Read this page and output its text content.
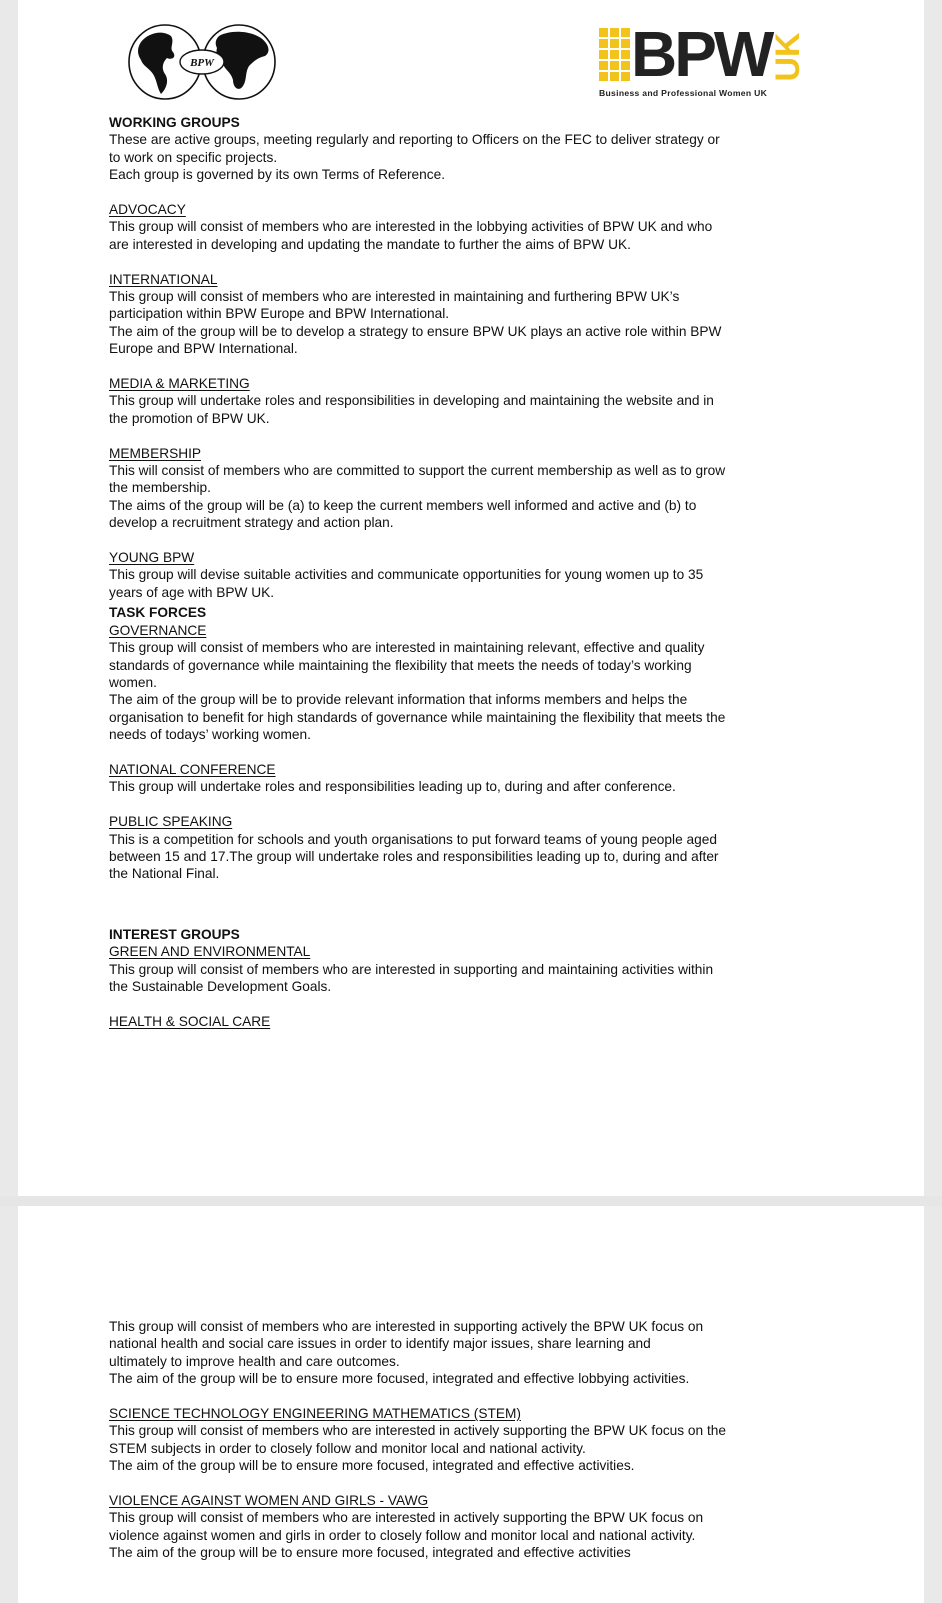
BPW	BPW
UK
Business and Professional Women UK

WORKING GROUPS

These are active groups, meeting regularly and reporting to Officers on the FEC to deliver strategy or

to work on specific projects.

Each group is governed by its own Terms of Reference.

ADVOCACY

This group will consist of members who are interested in the lobbying activities of BPW UK and who

are interested in developing and updating the mandate to further the aims of BPW UK.

INTERNATIONAL

This group will consist of members who are interested in maintaining and furthering BPW UK’s

participation within BPW Europe and BPW International.

The aim of the group will be to develop a strategy to ensure BPW UK plays an active role within BPW

Europe and BPW International.

MEDIA & MARKETING

This group will undertake roles and responsibilities in developing and maintaining the website and in

the promotion of BPW UK.

MEMBERSHIP

This will consist of members who are committed to support the current membership as well as to grow

the membership.

The aims of the group will be (a) to keep the current members well informed and active and (b) to

develop a recruitment strategy and action plan.

YOUNG BPW

This group will devise suitable activities and communicate opportunities for young women up to 35

years of age with BPW UK.

TASK FORCES

GOVERNANCE

This group will consist of members who are interested in maintaining relevant, effective and quality

standards of governance while maintaining the flexibility that meets the needs of today’s working

women.

The aim of the group will be to provide relevant information that informs members and helps the

organisation to benefit for high standards of governance while maintaining the flexibility that meets the

needs of todays’ working women.

NATIONAL CONFERENCE

This group will undertake roles and responsibilities leading up to, during and after conference.

PUBLIC SPEAKING

This is a competition for schools and youth organisations to put forward teams of young people aged

between 15 and 17.The group will undertake roles and responsibilities leading up to, during and after

the National Final.

INTEREST GROUPS

GREEN AND ENVIRONMENTAL

This group will consist of members who are interested in supporting and maintaining activities within

the Sustainable Development Goals.

HEALTH & SOCIAL CARE

This group will consist of members who are interested in supporting actively the BPW UK focus on

national health and social care issues in order to identify major issues, share learning and

ultimately to improve health and care outcomes.

The aim of the group will be to ensure more focused, integrated and effective lobbying activities.

SCIENCE TECHNOLOGY ENGINEERING MATHEMATICS (STEM)

This group will consist of members who are interested in actively supporting the BPW UK focus on the

STEM subjects in order to closely follow and monitor local and national activity.

The aim of the group will be to ensure more focused, integrated and effective activities.

VIOLENCE AGAINST WOMEN AND GIRLS - VAWG

This group will consist of members who are interested in actively supporting the BPW UK focus on

violence against women and girls in order to closely follow and monitor local and national activity.

The aim of the group will be to ensure more focused, integrated and effective activities
